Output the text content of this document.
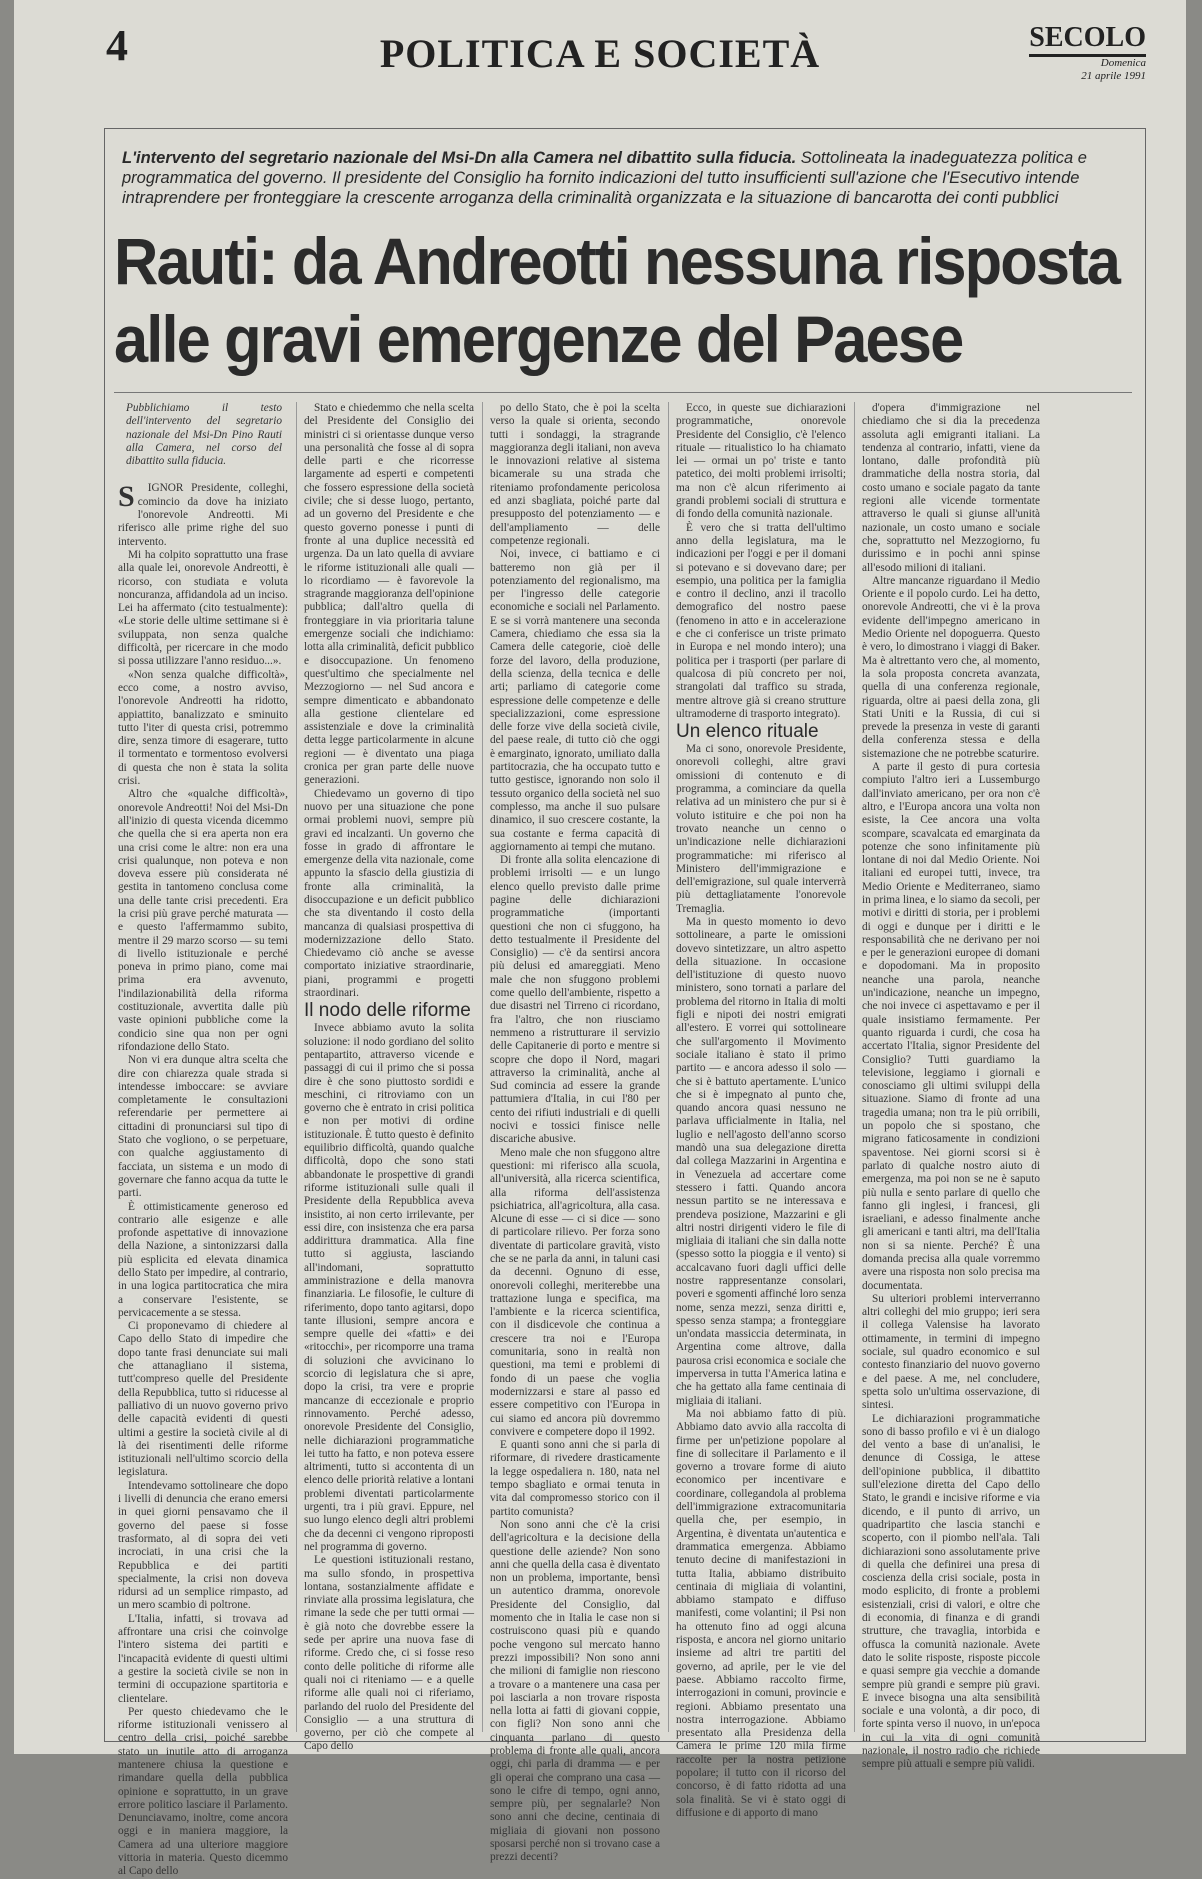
4	POLITICA E SOCIETÀ	SECOLO
Domenica
21 aprile 1991
L'intervento del segretario nazionale del Msi-Dn alla Camera nel dibattito sulla fiducia. Sottolineata la inadeguatezza politica e programmatica del governo. Il presidente del Consiglio ha fornito indicazioni del tutto insufficienti sull'azione che l'Esecutivo intende intraprendere per fronteggiare la crescente arroganza della criminalità organizzata e la situazione di bancarotta dei conti pubblici
Rauti: da Andreotti nessuna risposta
alle gravi emergenze del Paese

Pubblichiamo il testo dell'intervento del segretario nazionale del Msi-Dn Pino Rauti alla Camera, nel corso del dibattito sulla fiducia.

S	IGNOR Presidente, colleghi, comincio da dove ha iniziato l'onorevole Andreotti. Mi riferisco alle prime righe del suo intervento.

Mi ha colpito soprattutto una frase alla quale lei, onorevole Andreotti, è ricorso, con studiata e voluta noncuranza, affidandola ad un inciso. Lei ha affermato (cito testualmente): «Le storie delle ultime settimane si è sviluppata, non senza qualche difficoltà, per ricercare in che modo si possa utilizzare l'anno residuo...».

«Non senza qualche difficoltà», ecco come, a nostro avviso, l'onorevole Andreotti ha ridotto, appiattito, banalizzato e sminuito tutto l'iter di questa crisi, potremmo dire, senza timore di esagerare, tutto il tormentato e tormentoso evolversi di questa che non è stata la solita crisi.

Altro che «qualche difficoltà», onorevole Andreotti! Noi del Msi-Dn all'inizio di questa vicenda dicemmo che quella che si era aperta non era una crisi come le altre: non era una crisi qualunque, non poteva e non doveva essere più considerata né gestita in tantomeno conclusa come una delle tante crisi precedenti. Era la crisi più grave perché maturata — e questo l'affermammo subito, mentre il 29 marzo scorso — su temi di livello istituzionale e perché poneva in primo piano, come mai prima era avvenuto, l'indilazionabilità della riforma costituzionale, avvertita dalle più vaste opinioni pubbliche come la condicio sine qua non per ogni rifondazione dello Stato.

Non vi era dunque altra scelta che dire con chiarezza quale strada si intendesse imboccare: se avviare completamente le consultazioni referendarie per permettere ai cittadini di pronunciarsi sul tipo di Stato che vogliono, o se perpetuare, con qualche aggiustamento di facciata, un sistema e un modo di governare che fanno acqua da tutte le parti.

È ottimisticamente generoso ed contrario alle esigenze e alle profonde aspettative di innovazione della Nazione, a sintonizzarsi dalla più esplicita ed elevata dinamica dello Stato per impedire, al contrario, in una logica partitocratica che mira a conservare l'esistente, se pervicacemente a se stessa.

Ci proponevamo di chiedere al Capo dello Stato di impedire che dopo tante frasi denunciate sui mali che attanagliano il sistema, tutt'compreso quelle del Presidente della Repubblica, tutto si riducesse al palliativo di un nuovo governo privo delle capacità evidenti di questi ultimi a gestire la società civile al di là dei risentimenti delle riforme istituzionali nell'ultimo scorcio della legislatura.

Intendevamo sottolineare che dopo i livelli di denuncia che erano emersi in quei giorni pensavamo che il governo del paese si fosse trasformato, al di sopra dei veti incrociati, in una crisi che la Repubblica e dei partiti specialmente, la crisi non doveva ridursi ad un semplice rimpasto, ad un mero scambio di poltrone.

L'Italia, infatti, si trovava ad affrontare una crisi che coinvolge l'intero sistema dei partiti e l'incapacità evidente di questi ultimi a gestire la società civile se non in termini di occupazione spartitoria e clientelare.

Per questo chiedevamo che le riforme istituzionali venissero al centro della crisi, poiché sarebbe stato un inutile atto di arroganza mantenere chiusa la questione e rimandare quella della pubblica opinione e soprattutto, in un grave errore politico lasciare il Parlamento. Denunciavamo, inoltre, come ancora oggi e in maniera maggiore, la Camera ad una ulteriore maggiore vittoria in materia. Questo dicemmo al Capo dello

Stato e chiedemmo che nella scelta del Presidente del Consiglio dei ministri ci si orientasse dunque verso una personalità che fosse al di sopra delle parti e che ricorresse largamente ad esperti e competenti che fossero espressione della società civile; che si desse luogo, pertanto, ad un governo del Presidente e che questo governo ponesse i punti di fronte al una duplice necessità ed urgenza. Da un lato quella di avviare le riforme istituzionali alle quali — lo ricordiamo — è favorevole la stragrande maggioranza dell'opinione pubblica; dall'altro quella di fronteggiare in via prioritaria talune emergenze sociali che indichiamo: lotta alla criminalità, deficit pubblico e disoccupazione. Un fenomeno quest'ultimo che specialmente nel Mezzogiorno — nel Sud ancora e sempre dimenticato e abbandonato alla gestione clientelare ed assistenziale e dove la criminalità detta legge particolarmente in alcune regioni — è diventato una piaga cronica per gran parte delle nuove generazioni.

Chiedevamo un governo di tipo nuovo per una situazione che pone ormai problemi nuovi, sempre più gravi ed incalzanti. Un governo che fosse in grado di affrontare le emergenze della vita nazionale, come appunto la sfascio della giustizia di fronte alla criminalità, la disoccupazione e un deficit pubblico che sta diventando il costo della mancanza di qualsiasi prospettiva di modernizzazione dello Stato. Chiedevamo ciò anche se avesse comportato iniziative straordinarie, piani, programmi e progetti straordinari.

Il nodo delle riforme

Invece abbiamo avuto la solita soluzione: il nodo gordiano del solito pentapartito, attraverso vicende e passaggi di cui il primo che si possa dire è che sono piuttosto sordidi e meschini, ci ritroviamo con un governo che è entrato in crisi politica e non per motivi di ordine istituzionale. È tutto questo è definito equilibrio difficoltà, quando qualche difficoltà, dopo che sono stati abbandonate le prospettive di grandi riforme istituzionali sulle quali il Presidente della Repubblica aveva insistito, ai non certo irrilevante, per essi dire, con insistenza che era parsa addirittura drammatica. Alla fine tutto si aggiusta, lasciando all'indomani, soprattutto amministrazione e della manovra finanziaria. Le filosofie, le culture di riferimento, dopo tanto agitarsi, dopo tante illusioni, sempre ancora e sempre quelle dei «fatti» e dei «ritocchi», per ricomporre una trama di soluzioni che avvicinano lo scorcio di legislatura che si apre, dopo la crisi, tra vere e proprie mancanze di eccezionale e proprio rinnovamento. Perché adesso, onorevole Presidente del Consiglio, nelle dichiarazioni programmatiche lei tutto ha fatto, e non poteva essere altrimenti, tutto si accontenta di un elenco delle priorità relative a lontani problemi diventati particolarmente urgenti, tra i più gravi. Eppure, nel suo lungo elenco degli altri problemi che da decenni ci vengono riproposti nel programma di governo.

Le questioni istituzionali restano, ma sullo sfondo, in prospettiva lontana, sostanzialmente affidate e rinviate alla prossima legislatura, che rimane la sede che per tutti ormai — è già noto che dovrebbe essere la sede per aprire una nuova fase di riforme. Credo che, ci si fosse reso conto delle politiche di riforme alle quali noi ci riteniamo — e a quelle riforme alle quali noi ci riferiamo, parlando del ruolo del Presidente del Consiglio — a una struttura di governo, per ciò che compete al Capo dello

po dello Stato, che è poi la scelta verso la quale si orienta, secondo tutti i sondaggi, la stragrande maggioranza degli italiani, non aveva le innovazioni relative al sistema bicamerale su una strada che riteniamo profondamente pericolosa ed anzi sbagliata, poiché parte dal presupposto del potenziamento — e dell'ampliamento — delle competenze regionali.

Noi, invece, ci battiamo e ci batteremo non già per il potenziamento del regionalismo, ma per l'ingresso delle categorie economiche e sociali nel Parlamento. E se si vorrà mantenere una seconda Camera, chiediamo che essa sia la Camera delle categorie, cioè delle forze del lavoro, della produzione, della scienza, della tecnica e delle arti; parliamo di categorie come espressione delle competenze e delle specializzazioni, come espressione delle forze vive della società civile, del paese reale, di tutto ciò che oggi è emarginato, ignorato, umiliato dalla partitocrazia, che ha occupato tutto e tutto gestisce, ignorando non solo il tessuto organico della società nel suo complesso, ma anche il suo pulsare dinamico, il suo crescere costante, la sua costante e ferma capacità di aggiornamento ai tempi che mutano.

Di fronte alla solita elencazione di problemi irrisolti — e un lungo elenco quello previsto dalle prime pagine delle dichiarazioni programmatiche (importanti questioni che non ci sfuggono, ha detto testualmente il Presidente del Consiglio) — c'è da sentirsi ancora più delusi ed amareggiati. Meno male che non sfuggono problemi come quello dell'ambiente, rispetto a due disastri nel Tirreno ci ricordano, fra l'altro, che non riusciamo nemmeno a ristrutturare il servizio delle Capitanerie di porto e mentre si scopre che dopo il Nord, magari attraverso la criminalità, anche al Sud comincia ad essere la grande pattumiera d'Italia, in cui l'80 per cento dei rifiuti industriali e di quelli nocivi e tossici finisce nelle discariche abusive.

Meno male che non sfuggono altre questioni: mi riferisco alla scuola, all'università, alla ricerca scientifica, alla riforma dell'assistenza psichiatrica, all'agricoltura, alla casa. Alcune di esse — ci si dice — sono di particolare rilievo. Per forza sono diventate di particolare gravità, visto che se ne parla da anni, in taluni casi da decenni. Ognuno di esse, onorevoli colleghi, meriterebbe una trattazione lunga e specifica, ma l'ambiente e la ricerca scientifica, con il disdicevole che continua a crescere tra noi e l'Europa comunitaria, sono in realtà non questioni, ma temi e problemi di fondo di un paese che voglia modernizzarsi e stare al passo ed essere competitivo con l'Europa in cui siamo ed ancora più dovremmo convivere e competere dopo il 1992.

E quanti sono anni che si parla di riformare, di rivedere drasticamente la legge ospedaliera n. 180, nata nel tempo sbagliato e ormai tenuta in vita dal compromesso storico con il partito comunista?

Non sono anni che c'è la crisi dell'agricoltura e la decisione della questione delle aziende? Non sono anni che quella della casa è diventato non un problema, importante, bensì un autentico dramma, onorevole Presidente del Consiglio, dal momento che in Italia le case non si costruiscono quasi più e quando poche vengono sul mercato hanno prezzi impossibili? Non sono anni che milioni di famiglie non riescono a trovare o a mantenere una casa per poi lasciarla a non trovare risposta nella lotta ai fatti di giovani coppie, con figli? Non sono anni che cinquanta parlano di questo problema di fronte alle quali, ancora oggi, chi parla di dramma — e per gli operai che comprano una casa — sono le cifre di tempo, ogni anno, sempre più, per segnalarle? Non sono anni che decine, centinaia di migliaia di giovani non possono sposarsi perché non si trovano case a prezzi decenti?

Ecco, in queste sue dichiarazioni programmatiche, onorevole Presidente del Consiglio, c'è l'elenco rituale — ritualistico lo ha chiamato lei — ormai un po' triste e tanto patetico, dei molti problemi irrisolti; ma non c'è alcun riferimento ai grandi problemi sociali di struttura e di fondo della comunità nazionale.

È vero che si tratta dell'ultimo anno della legislatura, ma le indicazioni per l'oggi e per il domani si potevano e si dovevano dare; per esempio, una politica per la famiglia e contro il declino, anzi il tracollo demografico del nostro paese (fenomeno in atto e in accelerazione e che ci conferisce un triste primato in Europa e nel mondo intero); una politica per i trasporti (per parlare di qualcosa di più concreto per noi, strangolati dal traffico su strada, mentre altrove già si creano strutture ultramoderne di trasporto integrato).

Un elenco rituale

Ma ci sono, onorevole Presidente, onorevoli colleghi, altre gravi omissioni di contenuto e di programma, a cominciare da quella relativa ad un ministero che pur si è voluto istituire e che poi non ha trovato neanche un cenno o un'indicazione nelle dichiarazioni programmatiche: mi riferisco al Ministero dell'immigrazione e dell'emigrazione, sul quale interverrà più dettagliatamente l'onorevole Tremaglia.

Ma in questo momento io devo sottolineare, a parte le omissioni dovevo sintetizzare, un altro aspetto della situazione. In occasione dell'istituzione di questo nuovo ministero, sono tornati a parlare del problema del ritorno in Italia di molti figli e nipoti dei nostri emigrati all'estero. E vorrei qui sottolineare che sull'argomento il Movimento sociale italiano è stato il primo partito — e ancora adesso il solo — che si è battuto apertamente. L'unico che si è impegnato al punto che, quando ancora quasi nessuno ne parlava ufficialmente in Italia, nel luglio e nell'agosto dell'anno scorso mandò una sua delegazione diretta dal collega Mazzarini in Argentina e in Venezuela ad accertare come stessero i fatti. Quando ancora nessun partito se ne interessava e prendeva posizione, Mazzarini e gli altri nostri dirigenti videro le file di migliaia di italiani che sin dalla notte (spesso sotto la pioggia e il vento) si accalcavano fuori dagli uffici delle nostre rappresentanze consolari, poveri e sgomenti affinché loro senza nome, senza mezzi, senza diritti e, spesso senza stampa; a fronteggiare un'ondata massiccia determinata, in Argentina come altrove, dalla paurosa crisi economica e sociale che imperversa in tutta l'America latina e che ha gettato alla fame centinaia di migliaia di italiani.

Ma noi abbiamo fatto di più. Abbiamo dato avvio alla raccolta di firme per un'petizione popolare al fine di sollecitare il Parlamento e il governo a trovare forme di aiuto economico per incentivare e coordinare, collegandola al problema dell'immigrazione extracomunitaria quella che, per esempio, in Argentina, è diventata un'autentica e drammatica emergenza. Abbiamo tenuto decine di manifestazioni in tutta Italia, abbiamo distribuito centinaia di migliaia di volantini, abbiamo stampato e diffuso manifesti, come volantini; il Psi non ha ottenuto fino ad oggi alcuna risposta, e ancora nel giorno unitario insieme ad altri tre partiti del governo, ad aprile, per le vie del paese. Abbiamo raccolto firme, interrogazioni in comuni, provincie e regioni. Abbiamo presentato una nostra interrogazione. Abbiamo presentato alla Presidenza della Camera le prime 120 mila firme raccolte per la nostra petizione popolare; il tutto con il ricorso del concorso, è di fatto ridotta ad una sola finalità. Se vi è stato oggi di diffusione e di apporto di mano

d'opera d'immigrazione nel chiediamo che si dia la precedenza assoluta agli emigranti italiani. La tendenza al contrario, infatti, viene da lontano, dalle profondità più drammatiche della nostra storia, dal costo umano e sociale pagato da tante regioni alle vicende tormentate attraverso le quali si giunse all'unità nazionale, un costo umano e sociale che, soprattutto nel Mezzogiorno, fu durissimo e in pochi anni spinse all'esodo milioni di italiani.

Altre mancanze riguardano il Medio Oriente e il popolo curdo. Lei ha detto, onorevole Andreotti, che vi è la prova evidente dell'impegno americano in Medio Oriente nel dopoguerra. Questo è vero, lo dimostrano i viaggi di Baker. Ma è altrettanto vero che, al momento, la sola proposta concreta avanzata, quella di una conferenza regionale, riguarda, oltre ai paesi della zona, gli Stati Uniti e la Russia, di cui si prevede la presenza in veste di garanti della conferenza stessa e della sistemazione che ne potrebbe scaturire.

A parte il gesto di pura cortesia compiuto l'altro ieri a Lussemburgo dall'inviato americano, per ora non c'è altro, e l'Europa ancora una volta non esiste, la Cee ancora una volta scompare, scavalcata ed emarginata da potenze che sono infinitamente più lontane di noi dal Medio Oriente. Noi italiani ed europei tutti, invece, tra Medio Oriente e Mediterraneo, siamo in prima linea, e lo siamo da secoli, per motivi e diritti di storia, per i problemi di oggi e dunque per i diritti e le responsabilità che ne derivano per noi e per le generazioni europee di domani e dopodomani. Ma in proposito neanche una parola, neanche un'indicazione, neanche un impegno, che noi invece ci aspettavamo e per il quale insistiamo fermamente. Per quanto riguarda i curdi, che cosa ha accertato l'Italia, signor Presidente del Consiglio? Tutti guardiamo la televisione, leggiamo i giornali e conosciamo gli ultimi sviluppi della situazione. Siamo di fronte ad una tragedia umana; non tra le più orribili, un popolo che si spostano, che migrano faticosamente in condizioni spaventose. Nei giorni scorsi si è parlato di qualche nostro aiuto di emergenza, ma poi non se ne è saputo più nulla e sento parlare di quello che fanno gli inglesi, i francesi, gli israeliani, e adesso finalmente anche gli americani e tanti altri, ma dell'Italia non si sa niente. Perché? È una domanda precisa alla quale vorremmo avere una risposta non solo precisa ma documentata.

Su ulteriori problemi interverranno altri colleghi del mio gruppo; ieri sera il collega Valensise ha lavorato ottimamente, in termini di impegno sociale, sul quadro economico e sul contesto finanziario del nuovo governo e del paese. A me, nel concludere, spetta solo un'ultima osservazione, di sintesi.

Le dichiarazioni programmatiche sono di basso profilo e vi è un dialogo del vento a base di un'analisi, le denunce di Cossiga, le attese dell'opinione pubblica, il dibattito sull'elezione diretta del Capo dello Stato, le grandi e incisive riforme e via dicendo, e il punto di arrivo, un quadripartito che lascia stanchi e scoperto, con il piombo nell'ala. Tali dichiarazioni sono assolutamente prive di quella che definirei una presa di coscienza della crisi sociale, posta in modo esplicito, di fronte a problemi esistenziali, crisi di valori, e oltre che di economia, di finanza e di grandi strutture, che travaglia, intorbida e offusca la comunità nazionale. Avete dato le solite risposte, risposte piccole e quasi sempre gia vecchie a domande sempre più grandi e sempre più gravi. E invece bisogna una alta sensibilità sociale e una volontà, a dir poco, di forte spinta verso il nuovo, in un'epoca in cui la vita di ogni comunità nazionale, il nostro radio che richiede sempre più attuali e sempre più validi.
